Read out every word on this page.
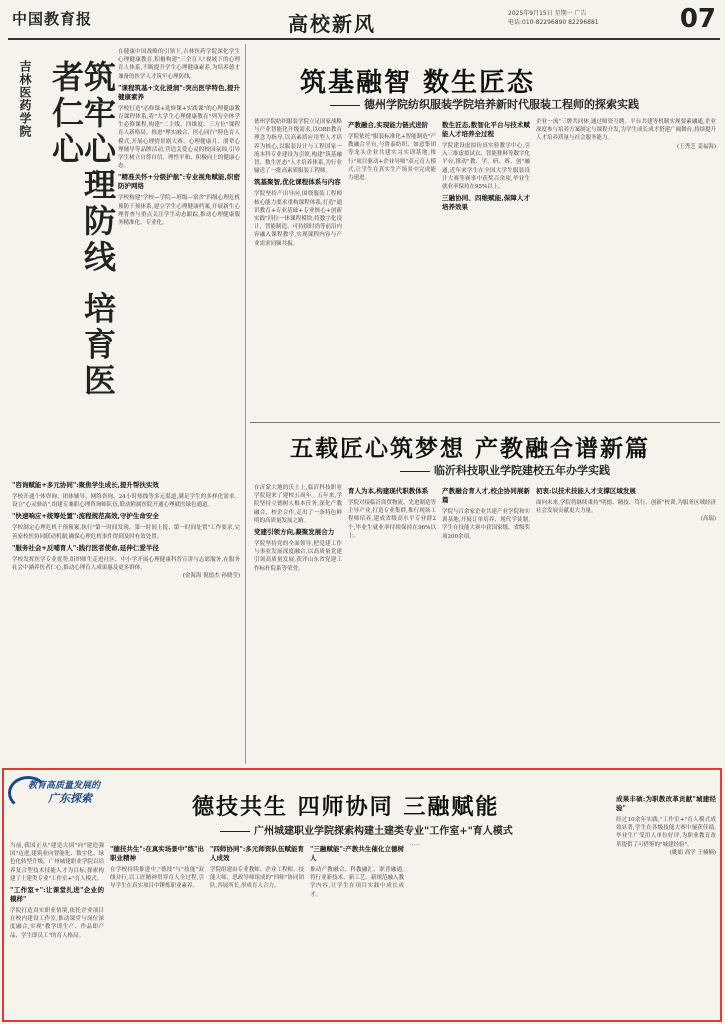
中国教育报	高校新风	2025年9月15日 星期一 广告
电话:010-82296890 82296881	07
吉林医药学院	筑牢心理防线 培育医者仁心
在健康中国战略的引领下,吉林医药学院深化学生心理健康教育,积极构建"三全育人"视域下的心理育人体系,不断提升学生心理健康素养,为培养德才兼备的医学人才筑牢心理防线。
"课程筑基+文化浸润":突出医学特色,提升健康素养
学校打造"必修课+选修课+实践课"的心理健康教育课程体系,将"大学生心理健康教育"列为全体学生必修课程,构建"二主线、四维度、三方位"课程育人新格局。推进"理实融合、医心同行"特色育人模式,开展心理情景剧大赛、心理健康月、朋辈心理辅导等品牌活动,营造关爱心灵的校园氛围,引导学生树立自尊自信、理性平和、积极向上的健康心态。
"精准关怀+分级护航":专业视角赋能,织密防护网络
学校构建"学校—学院—班级—宿舍"四级心理危机预防干预体系,建立学生心理健康档案,开展新生心理普查与重点关注学生动态跟踪,推动心理健康服务精准化、专业化。
"咨询赋能+多元协同":聚焦学生成长,提升帮扶实效
学校开通个体咨询、团体辅导、网络咨询、24小时热线等多元渠道,满足学生的多样化需求。设立"心灵驿站",组建专兼职心理咨询师队伍,联动附属医院开通心理就医绿色通道。
"快速响应+统筹处置":流程规范高效,守护生命安全
学校制定心理危机干预预案,执行"第一时间发现、第一时间上报、第一时间处置"工作要求,完善家校医协同联动机制,确保心理危机事件得到及时有效处置。
"服务社会+反哺育人":践行医者使命,延伸仁爱半径
学校发挥医学专业优势,组织师生走进社区、中小学开展心理健康科普宣讲与志愿服务,在服务社会中涵养医者仁心,推动心理育人成果惠及更多群体。
(金海海 倪德杰 孙晓莹)
筑基融智 数生匠态
德州学院纺织服装学院培养新时代服装工程师的探索实践
德州学院纺织服装学院立足国家战略与产业智能化升级需求,以OBE教育理念为指导,以高素质应用型人才培养为核心,以服装设计与工程国家一流本科专业建设为引领,构建"筑基融智、数生匠态"人才培养体系,为行业输送了一批高素质服装工程师。
筑基聚智,优化课程体系与内容
学院坚持产出导向,围绕服装工程师核心能力要求重构课程体系,打造"通识教育+专业基础+专业核心+创新实践"四位一体课程模块,将数字化设计、智能制造、可持续时尚等前沿内容融入课程教学,实现课程内容与产业需求同频共振。
产教融合,实现能力链式进阶
学院依托"服装标准化+智能制造"产教融合平台,与鲁泰纺织、如意集团等龙头企业共建实习实训基地,推行"项目驱动+企业导师"双元育人模式,让学生在真实生产场景中完成能力递进。
数生匠态,数智化平台与技术赋能人才培养全过程
学院建设虚拟仿真实验教学中心,引入三维虚拟试衣、智能排料等数字化平台,推动"教、学、研、赛、创"融通,近年来学生在全国大学生服装设计大赛等赛事中获奖百余项,毕业生就业率保持在95%以上。
三融协同、四维赋能,保障人才培养效果
企业一流"三牌共同体,通过师资互聘、平台共建等机制实现要素融通,企业深度参与培养方案制定与课程开发,为学生成长成才搭建广阔舞台,持续提升人才培养质量与社会服务能力。
(王秀芝 姜福海)
五载匠心筑梦想 产教融合谱新篇
临沂科技职业学院建校五年办学实践
在沂蒙大地的沃土上,临沂科技职业学院迎来了建校五周年。五年来,学院坚持立德树人根本任务,深化产教融合、校企合作,走出了一条特色鲜明的高质量发展之路。
党建引领方向,凝聚发展合力
学院坚持党的全面领导,把党建工作与事业发展深度融合,以高质量党建引领高质量发展,获评山东省党建工作标杆院系等荣誉。
育人为本,构建现代职教体系
学院对接临沂商贸物流、先进制造等主导产业,打造专业集群,推行现场工程师培养,建成省级高水平专业群2个,毕业生就业率持续保持在96%以上。
产教融合育人才,校企协同展新篇
学院与百余家企业共建产业学院和实训基地,开展订单培养、现代学徒制,学生在技能大赛中获国家级、省级奖项200余项。
初衷:以技术技能人才支撑区域发展
面向未来,学院将继续秉持"明德、精技、笃行、创新"校训,为服务区域经济社会发展贡献更大力量。
(高瑞)
教育高质量发展的
广东探索	德技共生 四师协同 三融赋能
广州城建职业学院探索构建土建类专业"工作室+"育人模式
当前,我国正从"建造大国"向"建造强国"迈进,建筑业向智能化、数字化、绿色化转型升级。广州城建职业学院以培养复合型技术技能人才为目标,探索构建了土建类专业"工作室+"育人模式。
"工作室+":让课堂扎进"企业的模样"
学院打造真实职业情境,依托企业项目在校内建设工作室,推动课堂与岗位深度融合,实现"教学即生产、作品即产品、学生即员工"的育人格局。
"德技共生":在真实场景中"练"出职业精神
在学校持续推进中,"德技"与"技能"双线并行,以工匠精神贯穿育人全过程,引导学生在真实项目中锤炼职业素养。
"四师协同":多元师资队伍赋能育人成效
学院组建由专业教师、企业工程师、技能大师、思政导师组成的"四师"协同团队,各展所长,形成育人合力。
"三融赋能":产教共生催化立德树人
推动产教融合、科教融汇、职普融通,将行业新技术、新工艺、新规范融入教学内容,让学生在项目实践中成长成才。
······
成果丰硕:为职教改革贡献"城建经验"
经过10余年实践,"工作室+"育人模式成效显著,学生在各级技能大赛中屡获佳绩,毕业生广受用人单位好评,为职业教育改革提供了可借鉴的"城建经验"。
(姚娟 高学 王楠楠)
